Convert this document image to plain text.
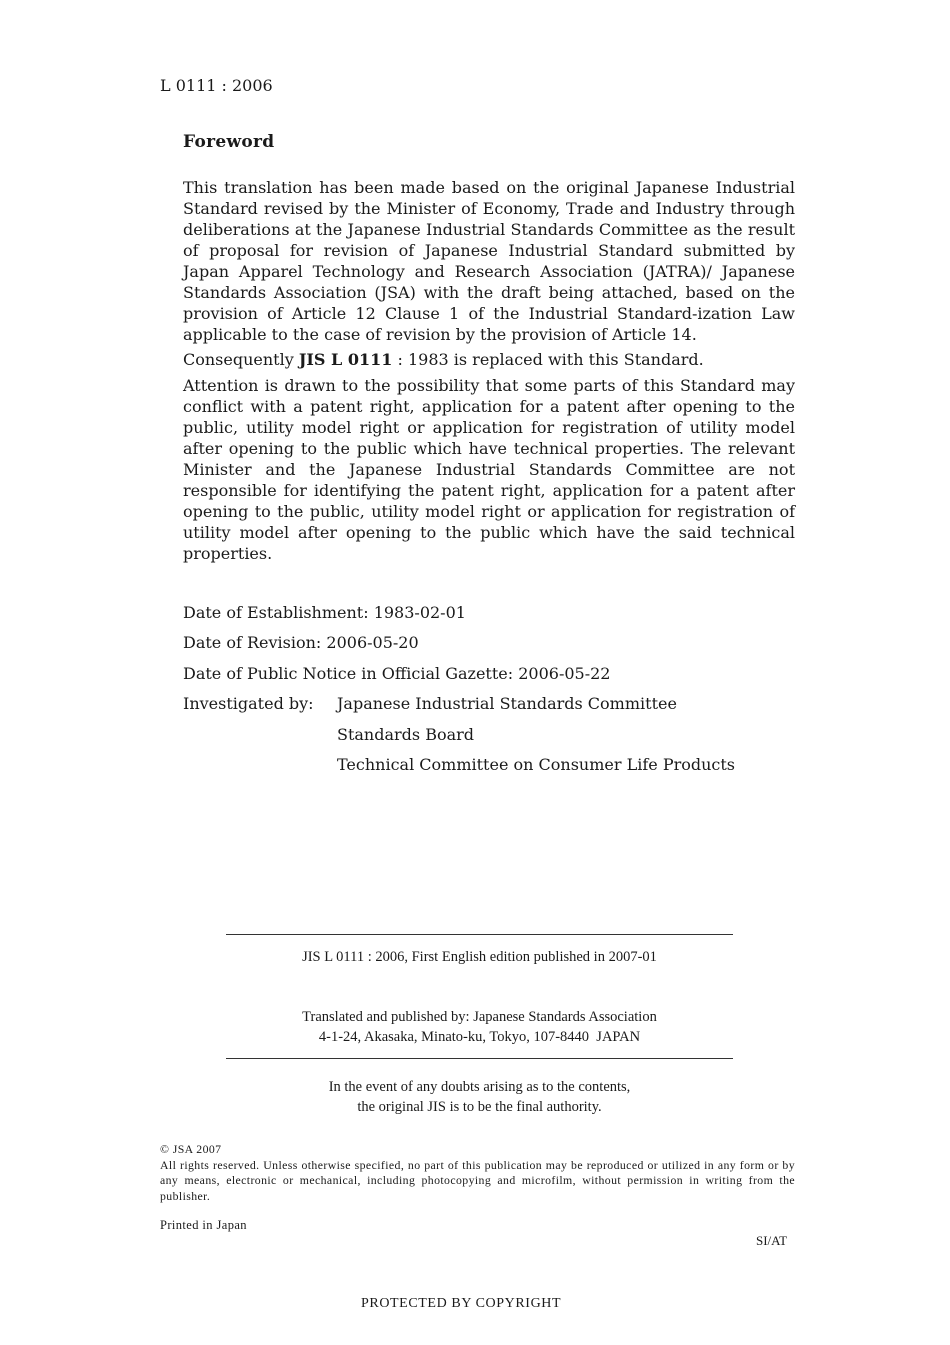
L 0111 : 2006
Foreword
This translation has been made based on the original Japanese Industrial Standard revised by the Minister of Economy, Trade and Industry through deliberations at the Japanese Industrial Standards Committee as the result of proposal for revision of Japanese Industrial Standard submitted by Japan Apparel Technology and Research Association (JATRA)/ Japanese Standards Association (JSA) with the draft being attached, based on the provision of Article 12 Clause 1 of the Industrial Standard-ization Law applicable to the case of revision by the provision of Article 14.
Consequently JIS L 0111 : 1983 is replaced with this Standard.
Attention is drawn to the possibility that some parts of this Standard may conflict with a patent right, application for a patent after opening to the public, utility model right or application for registration of utility model after opening to the public which have technical properties. The relevant Minister and the Japanese Industrial Standards Committee are not responsible for identifying the patent right, application for a patent after opening to the public, utility model right or application for registration of utility model after opening to the public which have the said technical properties.
Date of Establishment: 1983-02-01
Date of Revision: 2006-05-20
Date of Public Notice in Official Gazette: 2006-05-22
Investigated by: Japanese Industrial Standards Committee
Standards Board
Technical Committee on Consumer Life Products
JIS L 0111 : 2006, First English edition published in 2007-01
Translated and published by: Japanese Standards Association
4-1-24, Akasaka, Minato-ku, Tokyo, 107-8440  JAPAN
In the event of any doubts arising as to the contents,
the original JIS is to be the final authority.
© JSA 2007
All rights reserved. Unless otherwise specified, no part of this publication may be reproduced or utilized in any form or by any means, electronic or mechanical, including photocopying and microfilm, without permission in writing from the publisher.
Printed in Japan
SI/AT
PROTECTED BY COPYRIGHT
